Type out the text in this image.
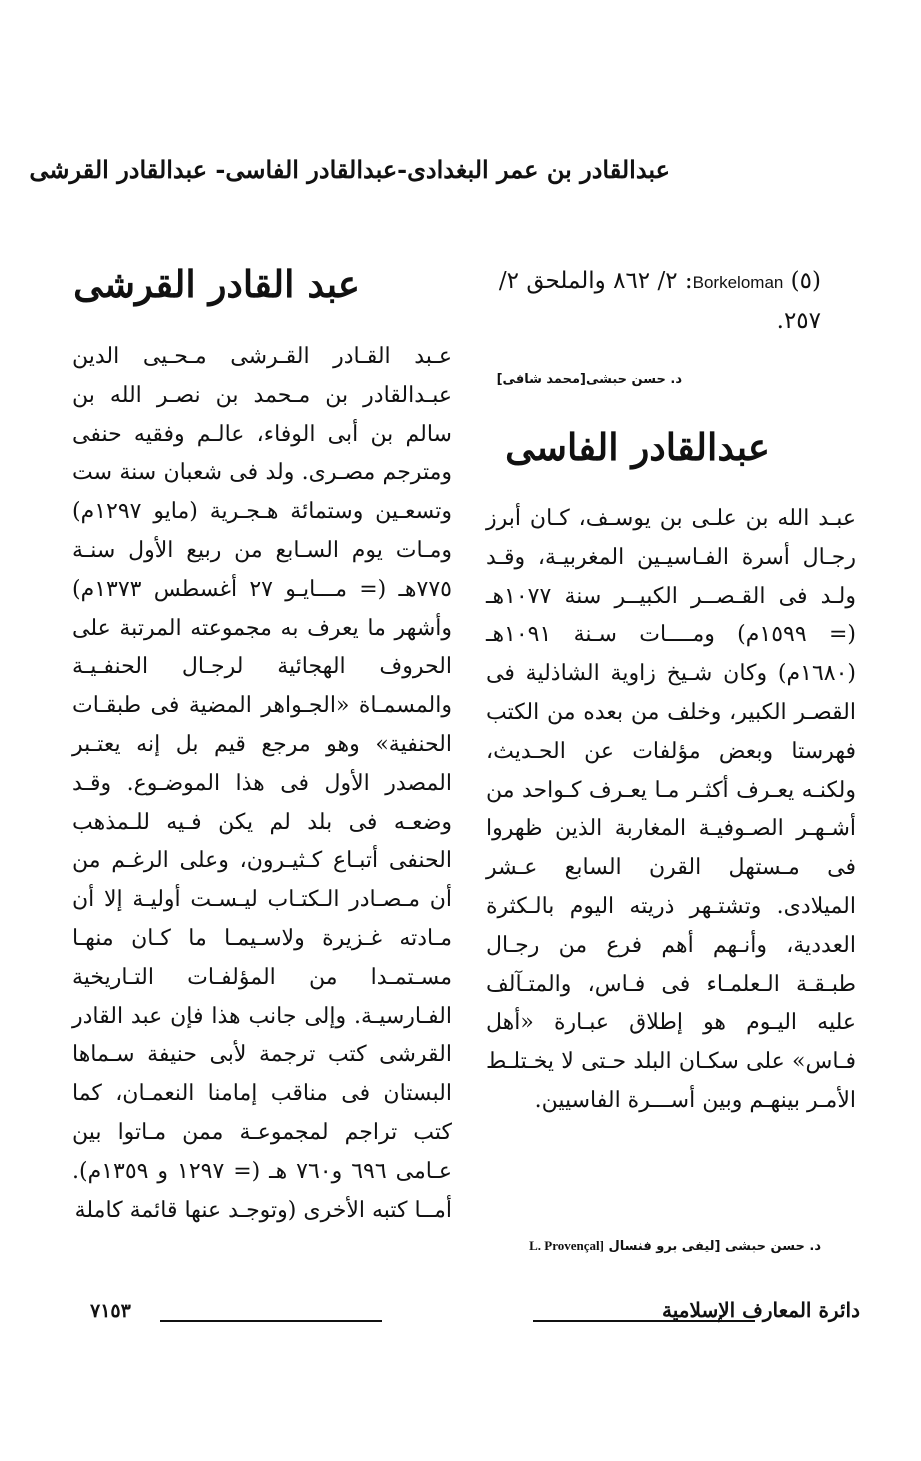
عبدالقادر بن عمر البغدادى-عبدالقادر الفاسى- عبدالقادر القرشى
(٥) Borkeloman: ٢/ ٨٦٢ والملحق ٢/ ٢٥٧.
د. حسن حبشى[محمد شافى]
عبدالقادر الفاسى
عبـد الله بن علـى بن يوسـف، كـان أبرز رجـال أسرة الفـاسيـين المغربيـة، وقـد ولـد فى القـصــر الكبيــر سنة ١٠٧٧هـ (= ١٥٩٩م) ومــــات سـنة ١٠٩١هـ (١٦٨٠م) وكان شـيخ زاوية الشاذلية فى القصـر الكبير، وخلف من بعده من الكتب فهرستا وبعض مؤلفات عن الحـديث، ولكنـه يعـرف أكثـر مـا يعـرف كـواحد من أشـهـر الصـوفيـة المغاربة الذين ظهروا فى مـستهل القرن السابع عـشر الميلادى. وتشتـهر ذريته اليوم بالـكثرة العددية، وأنـهم أهم فرع من رجـال طبـقـة الـعلمـاء فى فـاس، والمتـآلف عليه اليـوم هو إطلاق عبـارة «أهل فـاس» على سكـان البلد حـتى لا يخـتلـط الأمـر بينهـم وبين أســـرة الفاسيين.
د. حسن حبشى [ليفى برو فنسال [L. Provençal
عبد القادر القرشى
عـبد القـادر القـرشى مـحـيى الدين عبـدالقادر بن مـحمد بن نصـر الله بن سالم بن أبى الوفاء، عالـم وفقيه حنفى ومترجم مصـرى. ولد فى شعبان سنة ست وتسعـين وستمائة هـجـرية (مايو ١٢٩٧م) ومـات يوم السـابع من ربيع الأول سنـة ٧٧٥هـ (= مـــايـو ٢٧ أغسطس ١٣٧٣م) وأشهر ما يعرف به مجموعته المرتبة على الحروف الهجائية لرجـال الحنفـيـة والمسمـاة «الجـواهر المضية فى طبقـات الحنفية» وهو مرجع قيم بل إنه يعتـبر المصدر الأول فى هذا الموضـوع. وقـد وضعـه فى بلد لم يكن فـيه للـمذهب الحنفى أتبـاع كـثيـرون، وعلى الرغـم من أن مـصـادر الـكتـاب ليـسـت أوليـة إلا أن مـادته غـزيرة ولاسـيمـا ما كـان منهـا مسـتمـدا من المؤلفـات التـاريخية الفـارسيـة. وإلى جانب هذا فإن عبد القادر القرشى كتب ترجمة لأبى حنيفة سـماها البستان فى مناقب إمامنا النعمـان، كما كتب تراجم لمجموعـة ممن مـاتوا بين عـامى ٦٩٦ و٧٦٠ هـ (= ١٢٩٧ و ١٣٥٩م). أمــا كتبه الأخرى (وتوجـد عنها قائمة كاملة
دائرة المعارف الإسلامية
٧١٥٣
